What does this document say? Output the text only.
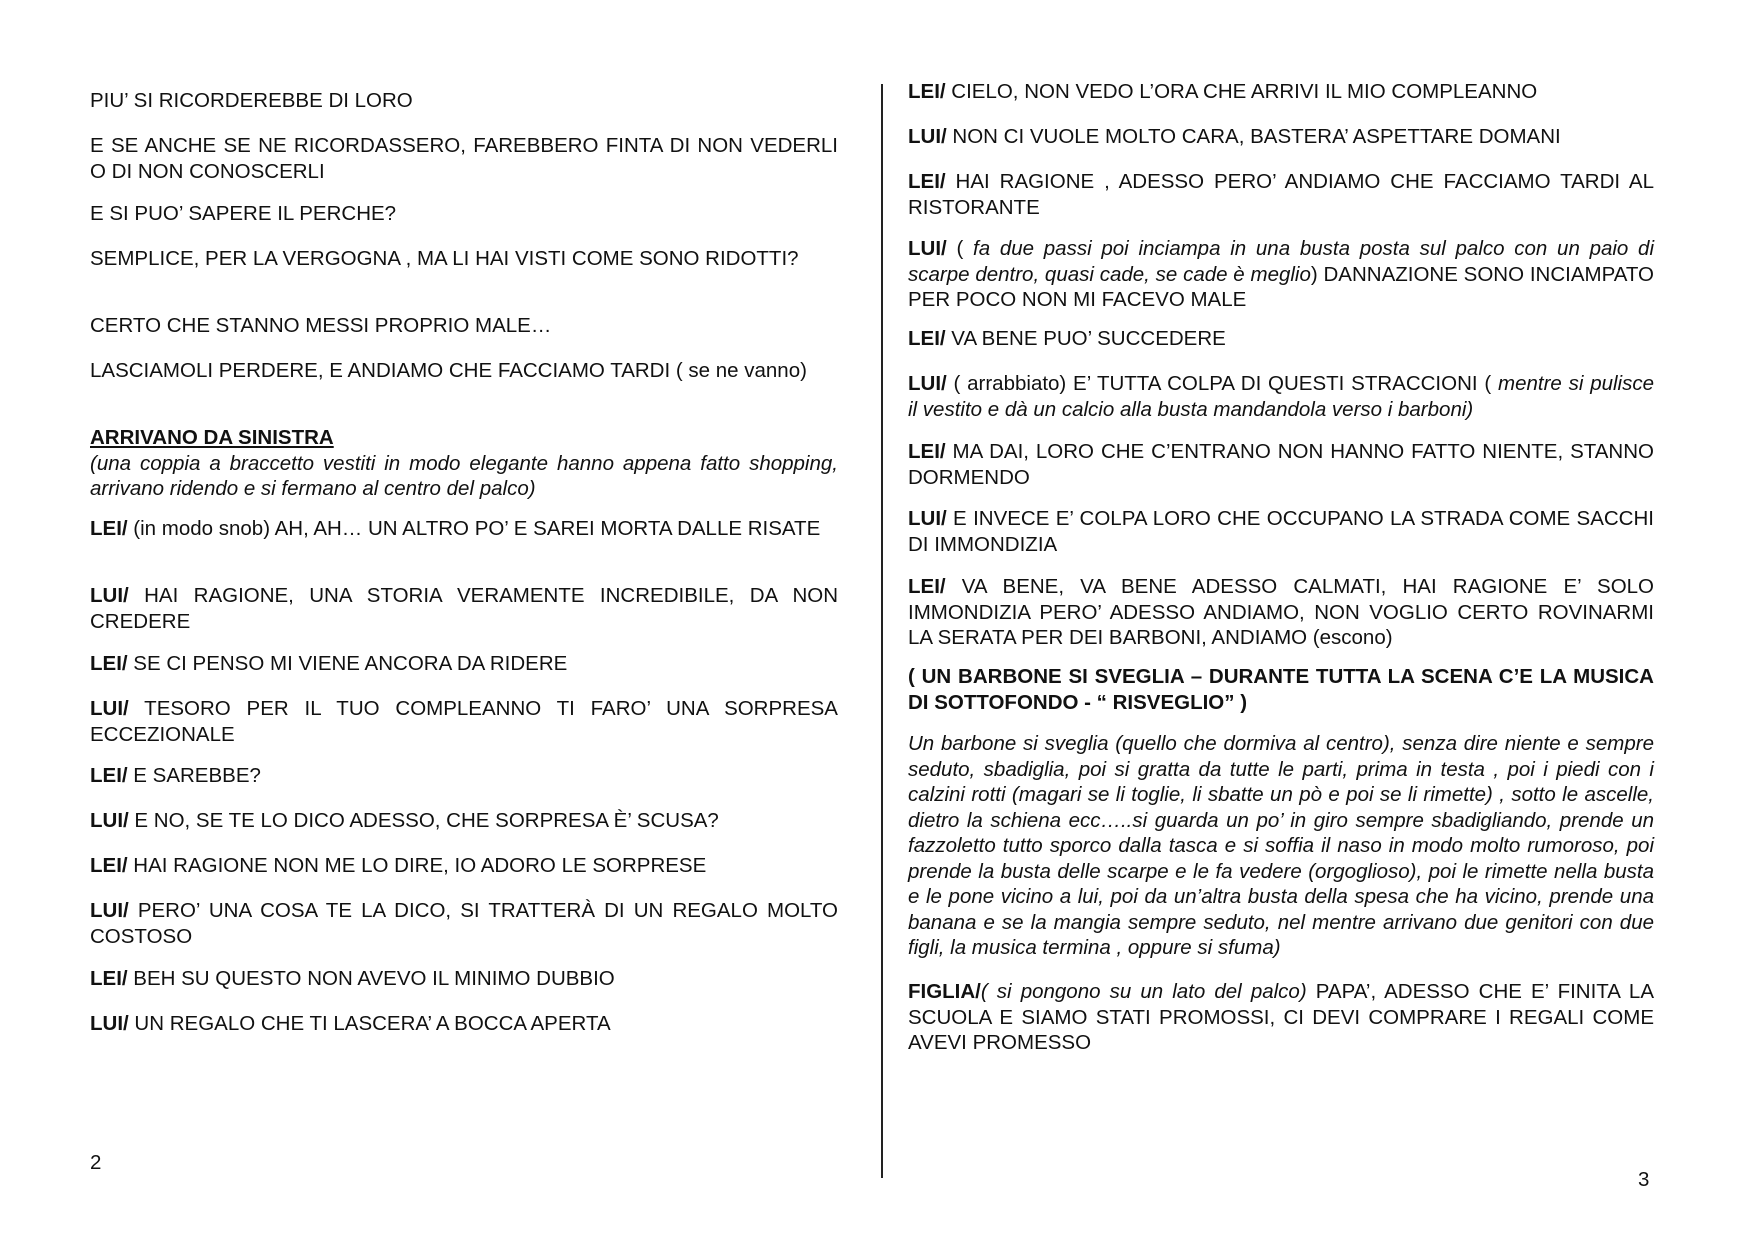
PIU’ SI RICORDEREBBE DI LORO

E SE ANCHE SE NE RICORDASSERO, FAREBBERO FINTA DI NON VEDERLI O DI NON CONOSCERLI

E SI PUO’ SAPERE IL PERCHE?

SEMPLICE, PER LA VERGOGNA , MA LI HAI VISTI COME SONO RIDOTTI?

CERTO CHE STANNO MESSI PROPRIO MALE…

LASCIAMOLI PERDERE, E ANDIAMO CHE FACCIAMO TARDI ( se ne vanno)

ARRIVANO DA SINISTRA
(una coppia a braccetto vestiti in modo elegante hanno appena fatto shopping, arrivano ridendo e si fermano al centro del palco)

LEI/ (in modo snob) AH, AH… UN ALTRO PO’ E SAREI MORTA DALLE RISATE

LUI/ HAI RAGIONE, UNA STORIA VERAMENTE INCREDIBILE, DA NON CREDERE

LEI/ SE CI PENSO MI VIENE ANCORA DA RIDERE

LUI/ TESORO PER IL TUO COMPLEANNO TI FARO’ UNA SORPRESA ECCEZIONALE

LEI/ E SAREBBE?

LUI/ E NO, SE TE LO DICO ADESSO, CHE SORPRESA È’ SCUSA?

LEI/ HAI RAGIONE NON ME LO DIRE, IO ADORO LE SORPRESE

LUI/ PERO’ UNA COSA TE LA DICO, SI TRATTERÀ DI UN REGALO MOLTO COSTOSO

LEI/ BEH SU QUESTO NON AVEVO IL MINIMO DUBBIO

LUI/ UN REGALO CHE TI LASCERA’ A BOCCA APERTA

2

LEI/ CIELO, NON VEDO L’ORA CHE ARRIVI IL MIO COMPLEANNO

LUI/ NON CI VUOLE MOLTO CARA, BASTERA’ ASPETTARE DOMANI

LEI/ HAI RAGIONE , ADESSO PERO’ ANDIAMO CHE FACCIAMO TARDI AL RISTORANTE

LUI/ ( fa due passi poi inciampa in una busta posta sul palco con un paio di scarpe dentro, quasi cade, se cade è meglio) DANNAZIONE SONO INCIAMPATO PER POCO NON MI FACEVO MALE

LEI/ VA BENE PUO’ SUCCEDERE

LUI/ ( arrabbiato) E’ TUTTA COLPA DI QUESTI STRACCIONI ( mentre si pulisce il vestito e dà un calcio alla busta mandandola verso i barboni)

LEI/ MA DAI, LORO CHE C’ENTRANO NON HANNO FATTO NIENTE, STANNO DORMENDO

LUI/ E INVECE E’ COLPA LORO CHE OCCUPANO LA STRADA COME SACCHI DI IMMONDIZIA

LEI/ VA BENE, VA BENE ADESSO CALMATI, HAI RAGIONE E’ SOLO IMMONDIZIA PERO’ ADESSO ANDIAMO, NON VOGLIO CERTO ROVINARMI LA SERATA PER DEI BARBONI, ANDIAMO (escono)

( UN BARBONE SI SVEGLIA – DURANTE TUTTA LA SCENA C’E LA MUSICA DI SOTTOFONDO - “ RISVEGLIO” )

Un barbone si sveglia (quello che dormiva al centro), senza dire niente e sempre seduto, sbadiglia, poi si gratta da tutte le parti, prima in testa , poi i piedi con i calzini rotti (magari se li toglie, li sbatte un pò e poi se li rimette) , sotto le ascelle, dietro la schiena ecc…..si guarda un po’ in giro sempre sbadigliando, prende un fazzoletto tutto sporco dalla tasca e si soffia il naso in modo molto rumoroso, poi prende la busta delle scarpe e le fa vedere (orgoglioso), poi le rimette nella busta e le pone vicino a lui, poi da un’altra busta della spesa che ha vicino, prende una banana e se la mangia sempre seduto, nel mentre arrivano due genitori con due figli, la musica termina , oppure si sfuma)

FIGLIA/( si pongono su un lato del palco) PAPA’, ADESSO CHE E’ FINITA LA SCUOLA E SIAMO STATI PROMOSSI, CI DEVI COMPRARE I REGALI COME AVEVI PROMESSO

3
